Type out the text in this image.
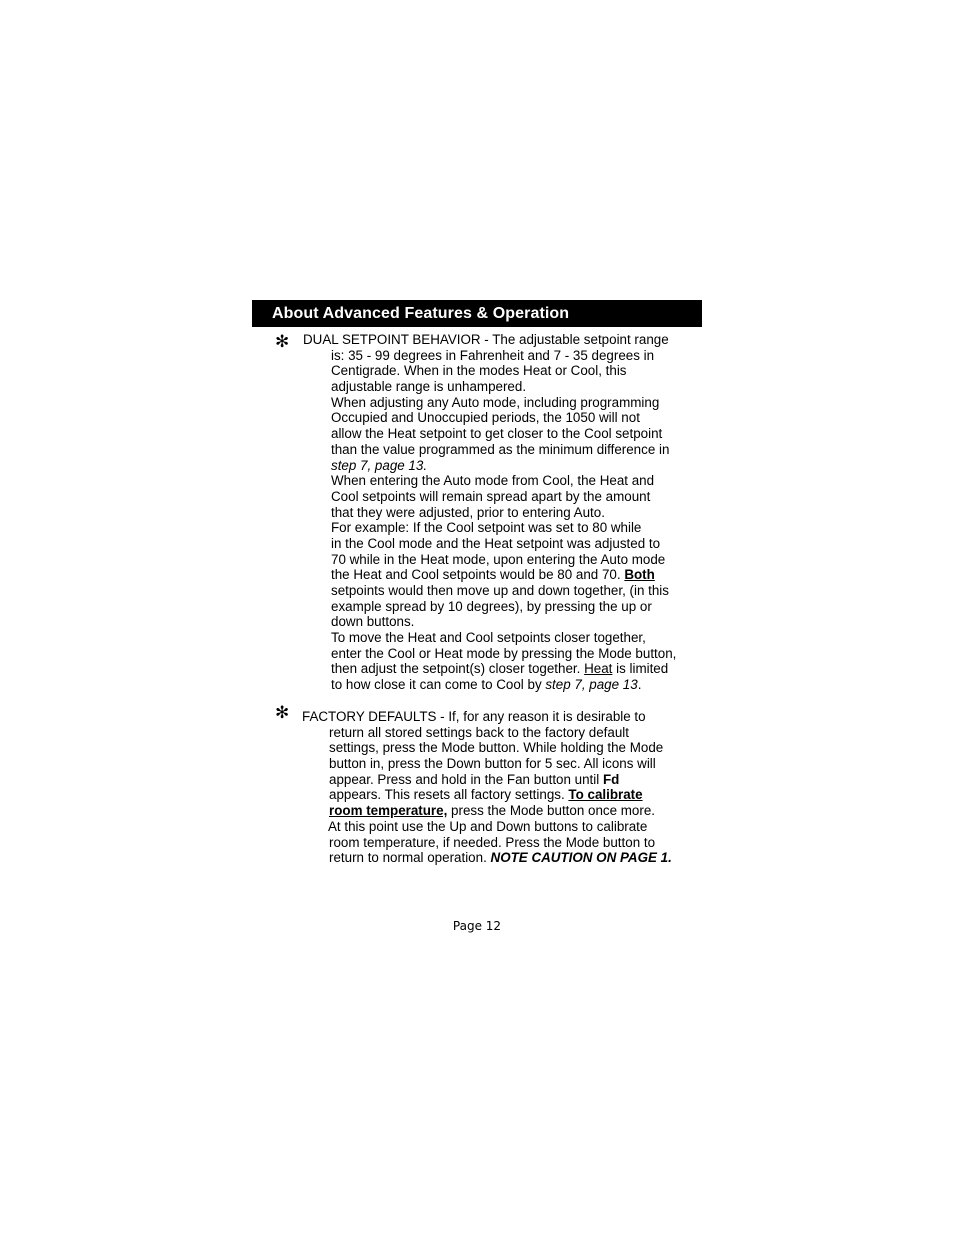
About Advanced Features & Operation
✻	DUAL SETPOINT BEHAVIOR - The adjustable setpoint range
is: 35 - 99 degrees in Fahrenheit and 7 - 35 degrees in
Centigrade. When in the modes Heat or Cool, this
adjustable range is unhampered.
When adjusting any Auto mode, including programming
Occupied and Unoccupied periods, the 1050 will not
allow the Heat setpoint to get closer to the Cool setpoint
than the value programmed as the minimum difference in
step 7, page 13.
When entering the Auto mode from Cool, the Heat and
Cool setpoints will remain spread apart by the amount
that they were adjusted, prior to entering Auto.
For example: If the Cool setpoint was set to 80 while
in the Cool mode and the Heat setpoint was adjusted to
70 while in the Heat mode, upon entering the Auto mode
the Heat and Cool setpoints would be 80 and 70. Both
setpoints would then move up and down together, (in this
example spread by 10 degrees), by pressing the up or
down buttons.
To move the Heat and Cool setpoints closer together,
enter the Cool or Heat mode by pressing the Mode button,
then adjust the setpoint(s) closer together. Heat is limited
to how close it can come to Cool by step 7, page 13.
✻ FACTORY DEFAULTS - If, for any reason it is desirable to
return all stored settings back to the factory default
settings, press the Mode button. While holding the Mode
button in, press the Down button for 5 sec. All icons will
appear. Press and hold in the Fan button until Fd
appears. This resets all factory settings. To calibrate
room temperature, press the Mode button once more.
At this point use the Up and Down buttons to calibrate
room temperature, if needed. Press the Mode button to
return to normal operation. NOTE CAUTION ON PAGE 1.
Page 12
